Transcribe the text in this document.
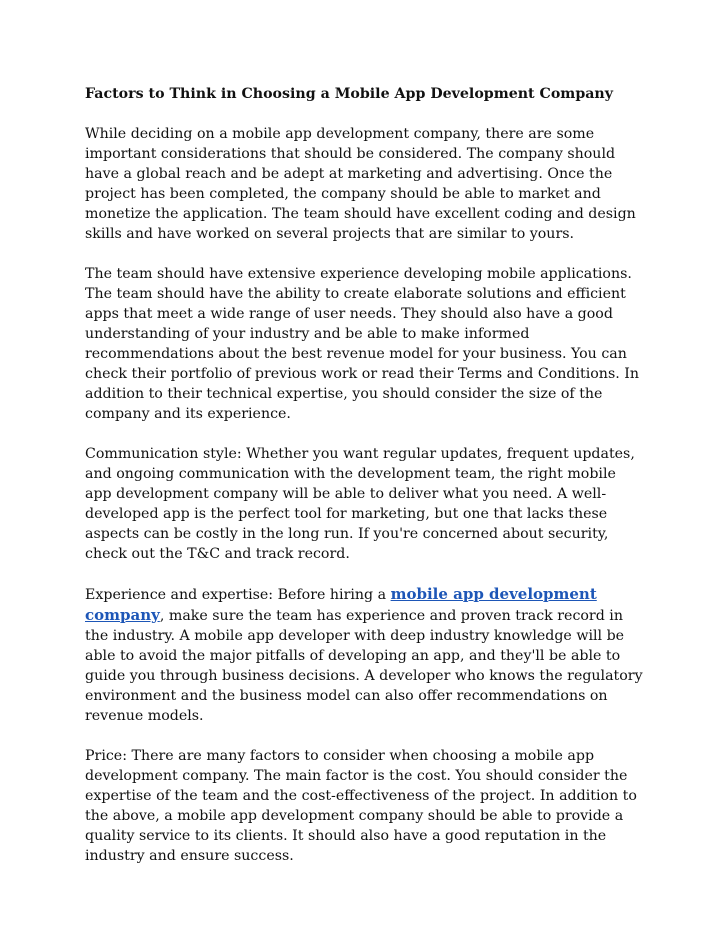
Factors to Think in Choosing a Mobile App Development Company

While deciding on a mobile app development company, there are some important considerations that should be considered. The company should have a global reach and be adept at marketing and advertising. Once the project has been completed, the company should be able to market and monetize the application. The team should have excellent coding and design skills and have worked on several projects that are similar to yours.

The team should have extensive experience developing mobile applications. The team should have the ability to create elaborate solutions and efficient apps that meet a wide range of user needs. They should also have a good understanding of your industry and be able to make informed recommendations about the best revenue model for your business. You can check their portfolio of previous work or read their Terms and Conditions. In addition to their technical expertise, you should consider the size of the company and its experience.

Communication style: Whether you want regular updates, frequent updates, and ongoing communication with the development team, the right mobile app development company will be able to deliver what you need. A well-developed app is the perfect tool for marketing, but one that lacks these aspects can be costly in the long run. If you're concerned about security, check out the T&C and track record.

Experience and expertise: Before hiring a mobile app development company, make sure the team has experience and proven track record in the industry. A mobile app developer with deep industry knowledge will be able to avoid the major pitfalls of developing an app, and they'll be able to guide you through business decisions. A developer who knows the regulatory environment and the business model can also offer recommendations on revenue models.

Price: There are many factors to consider when choosing a mobile app development company. The main factor is the cost. You should consider the expertise of the team and the cost-effectiveness of the project. In addition to the above, a mobile app development company should be able to provide a quality service to its clients. It should also have a good reputation in the industry and ensure success.
